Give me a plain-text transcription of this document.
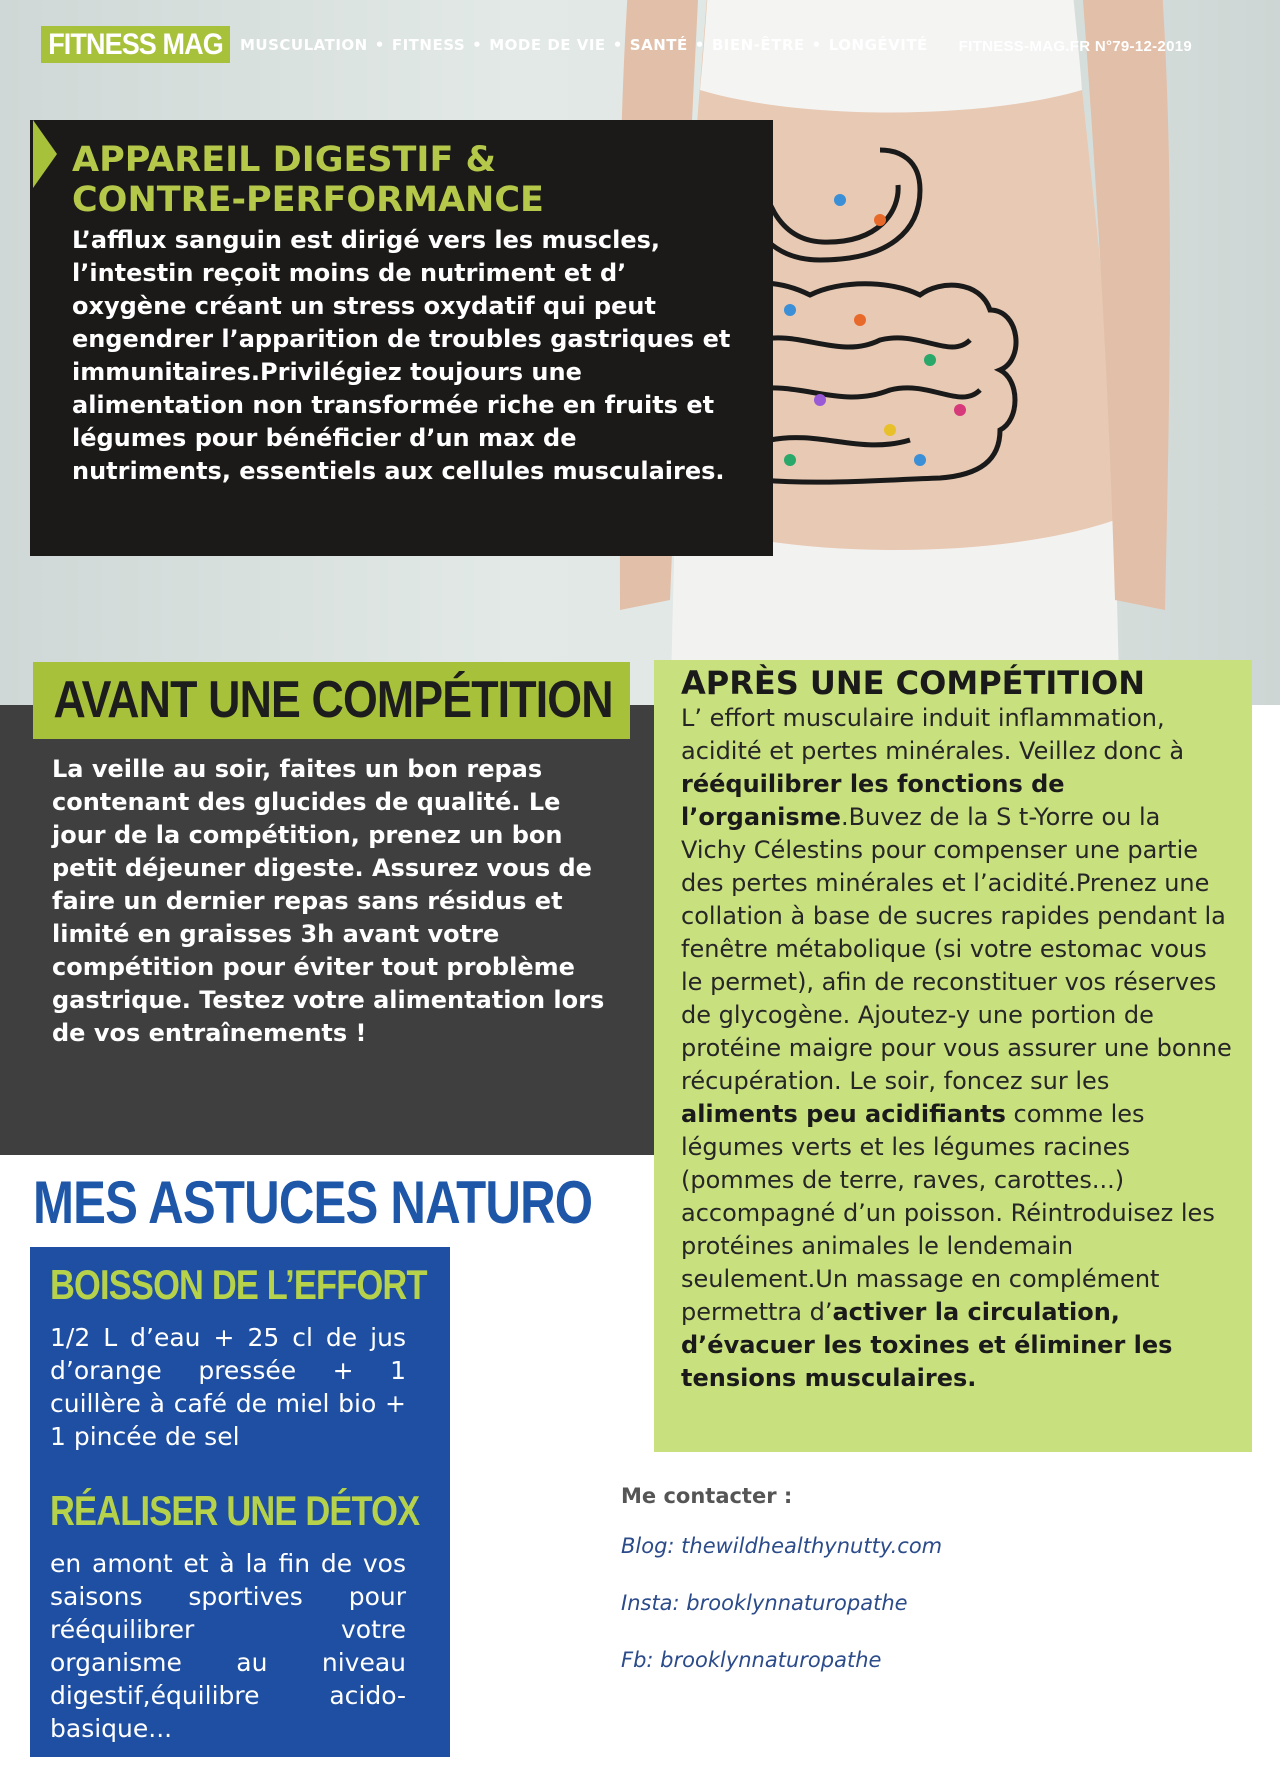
FITNESS MAG	MUSCULATION • FITNESS • MODE DE VIE • SANTÉ • BIEN-ÊTRE • LONGÉVITÉ FITNESS-MAG.FR N°79-12-2019
APPAREIL DIGESTIF &
CONTRE-PERFORMANCE

L’afflux sanguin est dirigé vers les muscles, l’intestin reçoit moins de nutriment et d’ oxygène créant un stress oxydatif qui peut engendrer l’apparition de troubles gastriques et immunitaires.Privilégiez toujours une alimentation non transformée riche en fruits et légumes pour bénéficier d’un max de nutriments, essentiels aux cellules musculaires.

AVANT UNE COMPÉTITION

La veille au soir, faites un bon repas contenant des glucides de qualité. Le jour de la compétition, prenez un bon petit déjeuner digeste. Assurez vous de faire un dernier repas sans résidus et limité en graisses 3h avant votre compétition pour éviter tout problème gastrique. Testez votre alimentation lors de vos entraînements !

APRÈS UNE COMPÉTITION

L’ effort musculaire induit inflammation, acidité et pertes minérales. Veillez donc à rééquilibrer les fonctions de l’organisme.Buvez de la S t-Yorre ou la Vichy Célestins pour compenser une partie des pertes minérales et l’acidité.Prenez une collation à base de sucres rapides pendant la fenêtre métabolique (si votre estomac vous le permet), afin de reconstituer vos réserves de glycogène. Ajoutez-y une portion de protéine maigre pour vous assurer une bonne récupération. Le soir, foncez sur les aliments peu acidifiants comme les légumes verts et les légumes racines (pommes de terre, raves, carottes...) accompagné d’un poisson. Réintroduisez les protéines animales le lendemain seulement.Un massage en complément permettra d’activer la circulation, d’évacuer les toxines et éliminer les tensions musculaires.

MES ASTUCES NATURO
BOISSON DE L’EFFORT

1/2 L d’eau + 25 cl de jus d’orange pressée + 1 cuillère à café de miel bio + 1 pincée de sel

RÉALISER UNE DÉTOX

en amont et à la fin de vos saisons sportives pour rééquilibrer votre organisme au niveau digestif,équilibre acido-basique...

Me contacter :
Blog: thewildhealthynutty.com
Insta: brooklynnaturopathe
Fb: brooklynnaturopathe
